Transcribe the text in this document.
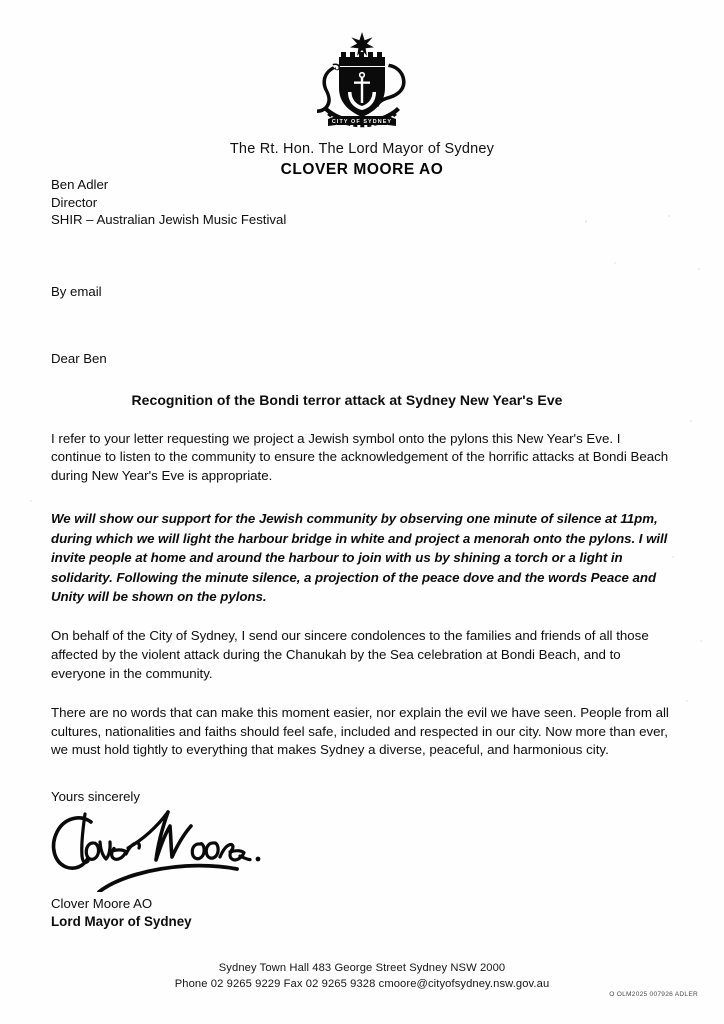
CITY OF SYDNEY
The Rt. Hon. The Lord Mayor of Sydney
CLOVER MOORE AO
Ben Adler
Director
SHIR – Australian Jewish Music Festival
By email
Dear Ben
Recognition of the Bondi terror attack at Sydney New Year's Eve
I refer to your letter requesting we project a Jewish symbol onto the pylons this New Year's Eve. I continue to listen to the community to ensure the acknowledgement of the horrific attacks at Bondi Beach during New Year's Eve is appropriate.
We will show our support for the Jewish community by observing one minute of silence at 11pm, during which we will light the harbour bridge in white and project a menorah onto the pylons. I will invite people at home and around the harbour to join with us by shining a torch or a light in solidarity. Following the minute silence, a projection of the peace dove and the words Peace and Unity will be shown on the pylons.
On behalf of the City of Sydney, I send our sincere condolences to the families and friends of all those affected by the violent attack during the Chanukah by the Sea celebration at Bondi Beach, and to everyone in the community.
There are no words that can make this moment easier, nor explain the evil we have seen. People from all cultures, nationalities and faiths should feel safe, included and respected in our city. Now more than ever, we must hold tightly to everything that makes Sydney a diverse, peaceful, and harmonious city.
Yours sincerely
Clover Moore AO
Lord Mayor of Sydney
Sydney Town Hall 483 George Street Sydney NSW 2000
Phone 02 9265 9229 Fax 02 9265 9328 cmoore@cityofsydney.nsw.gov.au
O OLM2025 007926 ADLER
